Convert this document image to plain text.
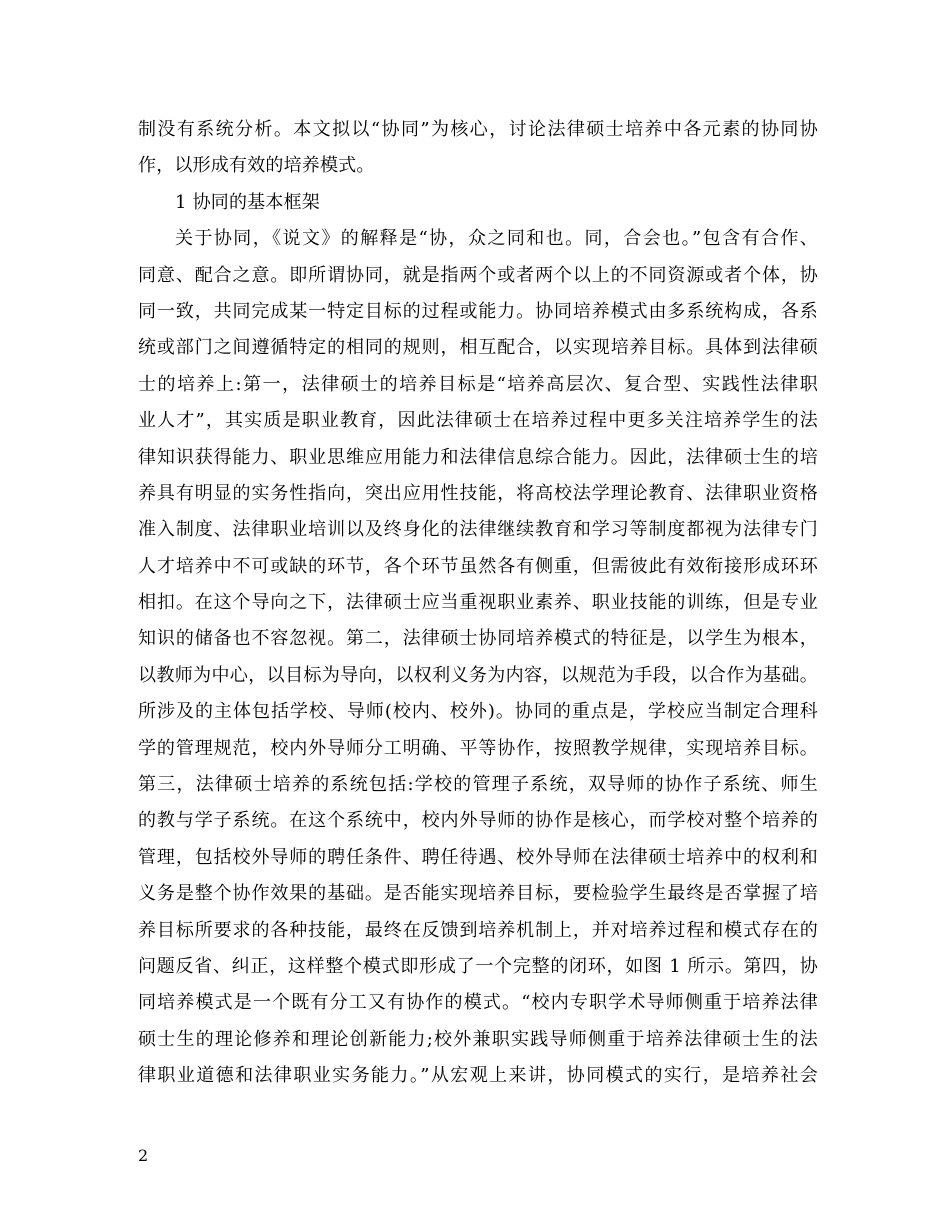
制没有系统分析。本文拟以“协同”为核心，讨论法律硕士培养中各元素的协同协
作，以形成有效的培养模式。
1 协同的基本框架
关于协同，《说文》的解释是“协，众之同和也。同，合会也。”包含有合作、
同意、配合之意。即所谓协同，就是指两个或者两个以上的不同资源或者个体，协
同一致，共同完成某一特定目标的过程或能力。协同培养模式由多系统构成，各系
统或部门之间遵循特定的相同的规则，相互配合，以实现培养目标。具体到法律硕
士的培养上:第一，法律硕士的培养目标是“培养高层次、复合型、实践性法律职
业人才”，其实质是职业教育，因此法律硕士在培养过程中更多关注培养学生的法
律知识获得能力、职业思维应用能力和法律信息综合能力。因此，法律硕士生的培
养具有明显的实务性指向，突出应用性技能，将高校法学理论教育、法律职业资格
准入制度、法律职业培训以及终身化的法律继续教育和学习等制度都视为法律专门
人才培养中不可或缺的环节，各个环节虽然各有侧重，但需彼此有效衔接形成环环
相扣。在这个导向之下，法律硕士应当重视职业素养、职业技能的训练，但是专业
知识的储备也不容忽视。第二，法律硕士协同培养模式的特征是，以学生为根本，
以教师为中心，以目标为导向，以权利义务为内容，以规范为手段，以合作为基础。
所涉及的主体包括学校、导师(校内、校外)。协同的重点是，学校应当制定合理科
学的管理规范，校内外导师分工明确、平等协作，按照教学规律，实现培养目标。
第三，法律硕士培养的系统包括:学校的管理子系统，双导师的协作子系统、师生
的教与学子系统。在这个系统中，校内外导师的协作是核心，而学校对整个培养的
管理，包括校外导师的聘任条件、聘任待遇、校外导师在法律硕士培养中的权利和
义务是整个协作效果的基础。是否能实现培养目标，要检验学生最终是否掌握了培
养目标所要求的各种技能，最终在反馈到培养机制上，并对培养过程和模式存在的
问题反省、纠正，这样整个模式即形成了一个完整的闭环，如图 1 所示。第四，协
同培养模式是一个既有分工又有协作的模式。“校内专职学术导师侧重于培养法律
硕士生的理论修养和理论创新能力;校外兼职实践导师侧重于培养法律硕士生的法
律职业道德和法律职业实务能力。”从宏观上来讲，协同模式的实行，是培养社会
2
